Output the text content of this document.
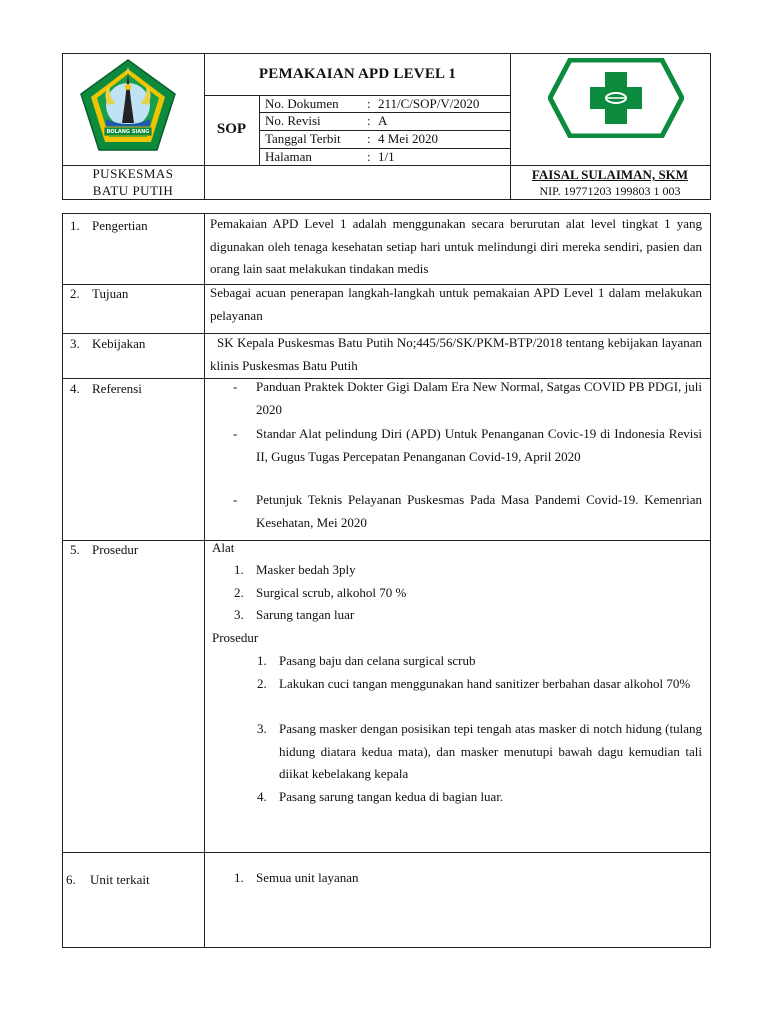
BOLANG SIANG
PEMAKAIAN APD LEVEL 1
SOP
No. Dokumen : 211/C/SOP/V/2020
No. Revisi	: A
Tanggal Terbit : 4 Mei 2020
Halaman	: 1/1
PUSKESMAS
BATU PUTIH
FAISAL SULAIMAN, SKM
NIP. 19771203 199803 1 003
1. Pengertian	Pemakaian APD Level 1 adalah menggunakan secara berurutan alat level tingkat 1 yang digunakan oleh tenaga kesehatan setiap hari untuk melindungi diri mereka sendiri, pasien dan orang lain saat melakukan tindakan medis
2. Tujuan	Sebagai acuan penerapan langkah-langkah untuk pemakaian APD Level 1 dalam melakukan pelayanan
3. Kebijakan	SK Kepala Puskesmas Batu Putih No;445/56/SK/PKM-BTP/2018 tentang kebijakan layanan klinis Puskesmas Batu Putih
4. Referensi	- Panduan Praktek Dokter Gigi Dalam Era New Normal, Satgas COVID PB PDGI, juli 2020
- Standar Alat pelindung Diri (APD) Untuk Penanganan Covic-19 di Indonesia Revisi II, Gugus Tugas Percepatan Penanganan Covid-19, April 2020
- Petunjuk Teknis Pelayanan Puskesmas Pada Masa Pandemi Covid-19. Kemenrian Kesehatan, Mei 2020
5. Prosedur	Alat
1. Masker bedah 3ply
2. Surgical scrub, alkohol 70 %
3. Sarung tangan luar
Prosedur
1. Pasang baju dan celana surgical scrub
2. Lakukan cuci tangan menggunakan hand sanitizer berbahan dasar alkohol 70%
3. Pasang masker dengan posisikan tepi tengah atas masker di notch hidung (tulang hidung diatara kedua mata), dan masker menutupi bawah dagu kemudian tali diikat kebelakang kepala
4. Pasang sarung tangan kedua di bagian luar.
6. Unit terkait	1. Semua unit layanan
